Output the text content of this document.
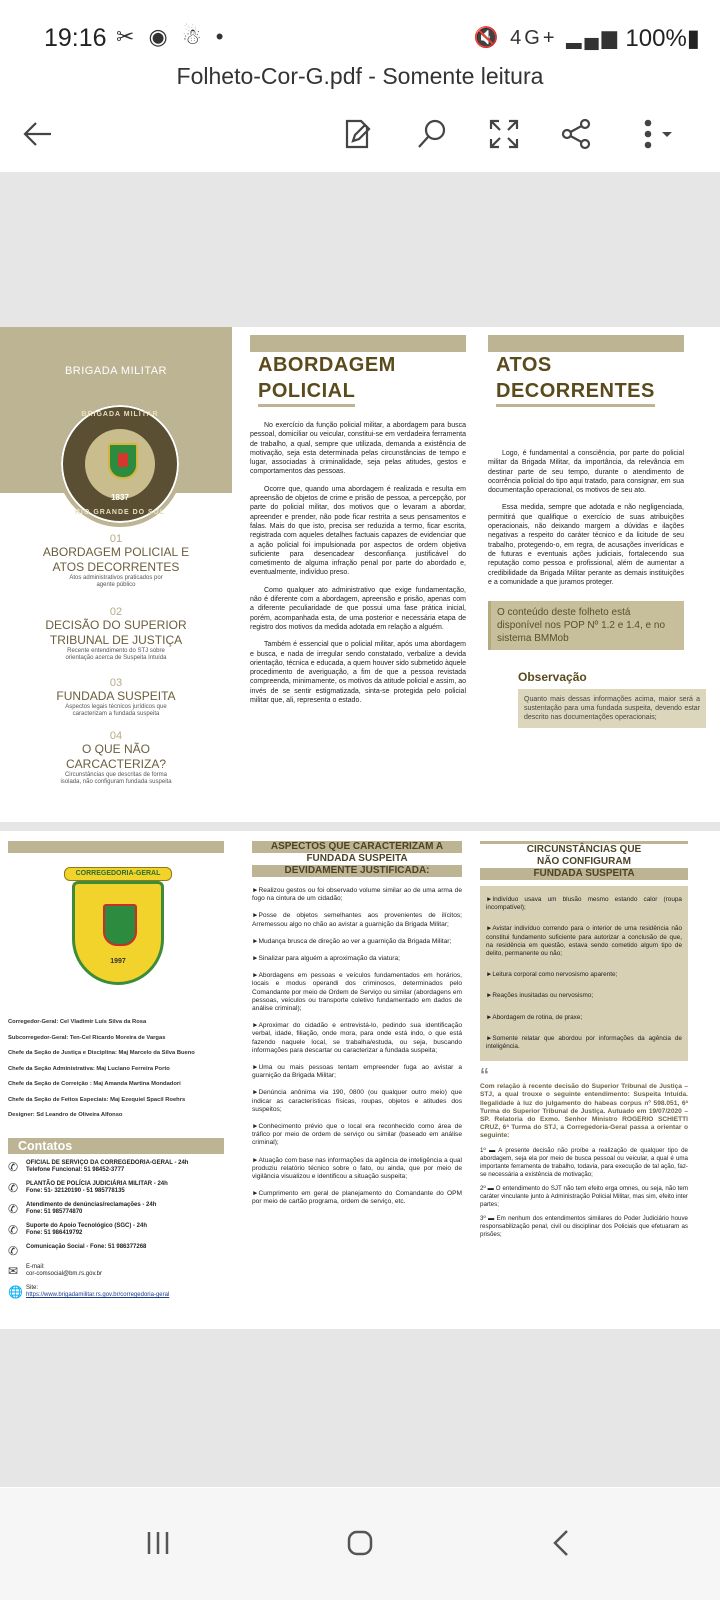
19:16 ✂ ◉ ☃ •	🔇 4G+ ▂▄▆ 100%▮
Folheto-Cor-G.pdf - Somente leitura
BRIGADA MILITAR
BRIGADA MILITAR
1837
RIO GRANDE DO SUL
01
ABORDAGEM POLICIAL E ATOS DECORRENTES
Atos administrativos praticados por agente público
02
DECISÃO DO SUPERIOR TRIBUNAL DE JUSTIÇA
Recente entendimento do STJ sobre orientação acerca de Suspeita Intuída
03
FUNDADA SUSPEITA
Aspectos legais técnicos jurídicos que caracterizam a fundada suspeita
04
O QUE NÃO CARCACTERIZA?
Circunstâncias que descritas de forma isolada, não configuram fundada suspeita
ABORDAGEM
POLICIAL

No exercício da função policial militar, a abordagem para busca pessoal, domiciliar ou veicular, constitui-se em verdadeira ferramenta de trabalho, a qual, sempre que utilizada, demanda a existência de motivação, seja esta determinada pelas circunstâncias de tempo e lugar, associadas à criminalidade, seja pelas atitudes, gestos e comportamentos das pessoas.

Ocorre que, quando uma abordagem é realizada e resulta em apreensão de objetos de crime e prisão de pessoa, a percepção, por parte do policial militar, dos motivos que o levaram a abordar, apreender e prender, não pode ficar restrita a seus pensamentos e falas. Mais do que isto, precisa ser reduzida a termo, ficar escrita, registrada com aqueles detalhes factuais capazes de evidenciar que a ação policial foi impulsionada por aspectos de ordem objetiva suficiente para desencadear desconfiança justificável do cometimento de alguma infração penal por parte do abordado e, eventualmente, indivíduo preso.

Como qualquer ato administrativo que exige fundamentação, não é diferente com a abordagem, apreensão e prisão, apenas com a diferente peculiaridade de que possui uma fase prática inicial, porém, acompanhada esta, de uma posterior e necessária etapa de registro dos motivos da medida adotada em relação a alguém.

Também é essencial que o policial militar, após uma abordagem e busca, e nada de irregular sendo constatado, verbalize a devida orientação, técnica e educada, a quem houver sido submetido àquele procedimento de averiguação, a fim de que a pessoa revistada compreenda, minimamente, os motivos da atitude policial e assim, ao invés de se sentir estigmatizada, sinta-se protegida pelo policial militar que, ali, representa o estado.

ATOS
DECORRENTES

Logo, é fundamental a consciência, por parte do policial militar da Brigada Militar, da importância, da relevância em destinar parte de seu tempo, durante o atendimento de ocorrência policial do tipo aqui tratado, para consignar, em sua documentação operacional, os motivos de seu ato.

Essa medida, sempre que adotada e não negligenciada, permitirá que qualifique o exercício de suas atribuições operacionais, não deixando margem a dúvidas e ilações negativas a respeito do caráter técnico e da licitude de seu trabalho, protegendo-o, em regra, de acusações inverídicas e de futuras e eventuais ações judiciais, fortalecendo sua reputação como pessoa e profissional, além de aumentar a credibilidade da Brigada Militar perante as demais instituições e a comunidade a que juramos proteger.

O conteúdo deste folheto está disponível nos POP Nº 1.2 e 1.4, e no sistema BMMob
Observação
Quanto mais dessas informações acima, maior será a sustentação para uma fundada suspeita, devendo estar descrito nas documentações operacionais;
1997
CORREGEDORIA-GERAL
Corregedor-Geral: Cel Vladimir Luís Silva da Rosa
Subcorregedor-Geral: Ten-Cel Ricardo Moreira de Vargas
Chefe da Seção de Justiça e Disciplina: Maj Marcelo da Silva Bueno
Chefe da Seção Administrativa: Maj Luciano Ferreira Porto
Chefe da Seção de Correição : Maj Amanda Martina Mondadori
Chefe da Seção de Feitos Especiais: Maj Ezequiel Spacil Roehrs
Designer: Sd Leandro de Oliveira Alfonso
Contatos
✆	OFICIAL DE SERVIÇO DA CORREGEDORIA-GERAL - 24h
Telefone Funcional: 51 98452-3777
✆	PLANTÃO DE POLÍCIA JUDICIÁRIA MILITAR - 24h
Fone: 51- 32120190 - 51 985778135
✆	Atendimento de denúncias/reclamações - 24h
Fone: 51 985774870
✆	Suporte do Apoio Tecnológico (SGC) - 24h
Fone: 51 986419792
✆	Comunicação Social - Fone: 51 986377268
✉	E-mail:
cor-comsocial@bm.rs.gov.br
🌐 Site:
https://www.brigadamilitar.rs.gov.br/corregedoria-geral
ASPECTOS QUE CARACTERIZAM A
FUNDADA SUSPEITA
DEVIDAMENTE JUSTIFICADA:

►Realizou gestos ou foi observado volume similar ao de uma arma de fogo na cintura de um cidadão;

►Posse de objetos semelhantes aos provenientes de ilícitos; Arremessou algo no chão ao avistar a guarnição da Brigada Militar;

►Mudança brusca de direção ao ver a guarnição da Brigada Militar;

►Sinalizar para alguém a aproximação da viatura;

►Abordagens em pessoas e veículos fundamentados em horários, locais e modus operandi dos criminosos, determinados pelo Comandante por meio de Ordem de Serviço ou similar (abordagens em pessoas, veículos ou transporte coletivo fundamentado em dados de análise criminal);

►Aproximar do cidadão e entrevistá-lo, pedindo sua identificação verbal, idade, filiação, onde mora, para onde está indo, o que está fazendo naquele local, se trabalha/estuda, ou seja, buscando informações para descartar ou caracterizar a fundada suspeita;

►Uma ou mais pessoas tentam empreender fuga ao avistar a guarnição da Brigada Militar;

►Denúncia anônima via 190, 0800 (ou qualquer outro meio) que indicar as características físicas, roupas, objetos e atitudes dos suspeitos;

►Conhecimento prévio que o local era reconhecido como área de tráfico por meio de ordem de serviço ou similar (baseado em análise criminal);

►Atuação com base nas informações da agência de inteligência a qual produziu relatório técnico sobre o fato, ou ainda, que por meio de vigilância visualizou e identificou a situação suspeita;

►Cumprimento em geral de planejamento do Comandante do OPM por meio de cartão programa, ordem de serviço, etc.

CIRCUNSTÂNCIAS QUE
NÃO CONFIGURAM
FUNDADA SUSPEITA

►Indivíduo usava um blusão mesmo estando calor (roupa incompatível);

►Avistar indivíduo correndo para o interior de uma residência não constitui fundamento suficiente para autorizar a conclusão de que, na residência em questão, estava sendo cometido algum tipo de delito, permanente ou não;

►Leitura corporal como nervosismo aparente;

►Reações inusitadas ou nervosismo;

►Abordagem de rotina, de praxe;

►Somente relatar que abordou por informações da agência de inteligência.

“
Com relação à recente decisão do Superior Tribunal de Justiça – STJ, a qual trouxe o seguinte entendimento: Suspeita Intuída. Ilegalidade à luz do julgamento do habeas corpus nº 598.051, 6ª Turma do Superior Tribunal de Justiça. Autuado em 19/07/2020 – SP. Relatoria do Exmo. Senhor Ministro ROGERIO SCHIETTI CRUZ, 6ª Turma do STJ, a Corregedoria-Geral passa a orientar o seguinte:

1º ▬ A presente decisão não proíbe a realização de qualquer tipo de abordagem, seja ela por meio de busca pessoal ou veicular, a qual é uma importante ferramenta de trabalho, todavia, para execução de tal ação, faz-se necessária a existência de motivação;

2º ▬ O entendimento do SJT não tem efeito erga omnes, ou seja, não tem caráter vinculante junto à Administração Policial Militar, mas sim, efeito inter partes;

3º ▬ Em nenhum dos entendimentos similares do Poder Judiciário houve responsabilização penal, civil ou disciplinar dos Policiais que efetuaram as prisões;
